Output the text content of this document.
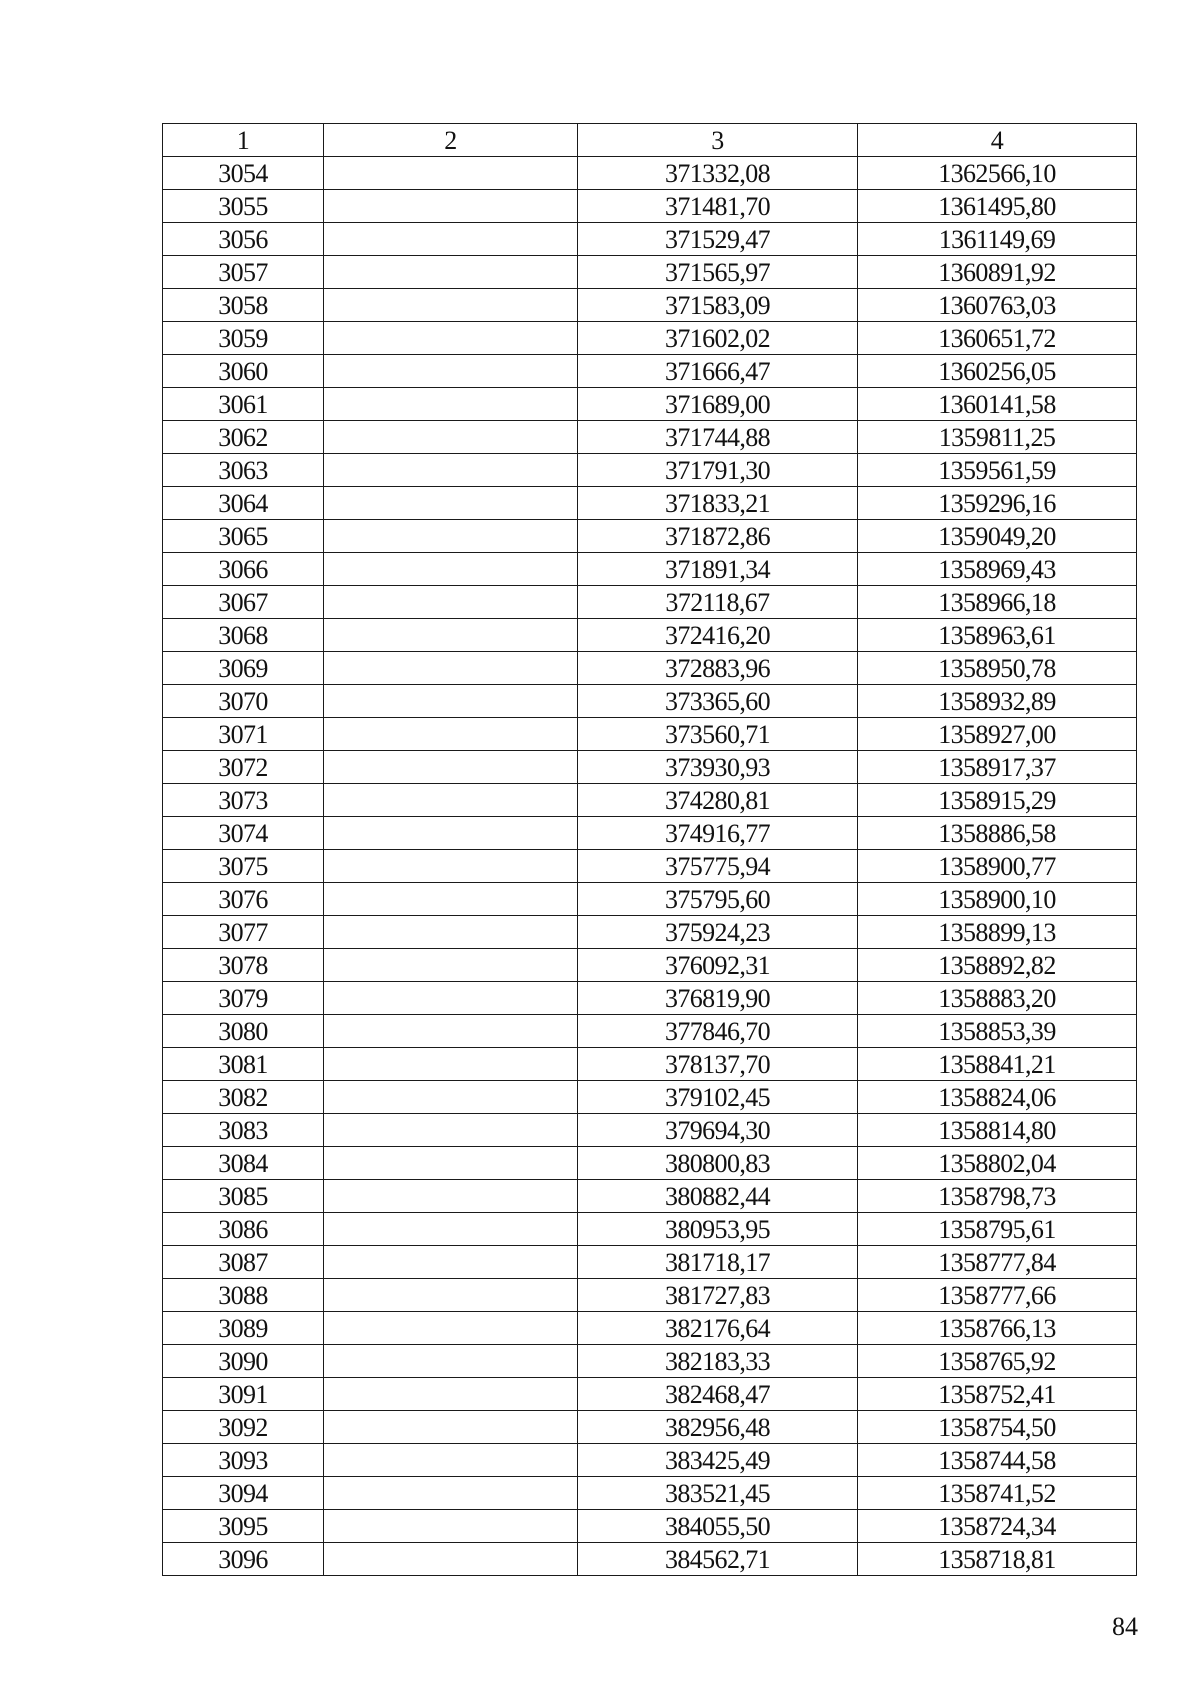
1	2	3	4
3054		371332,08	1362566,10
3055		371481,70	1361495,80
3056		371529,47	1361149,69
3057		371565,97	1360891,92
3058		371583,09	1360763,03
3059		371602,02	1360651,72
3060		371666,47	1360256,05
3061		371689,00	1360141,58
3062		371744,88	1359811,25
3063		371791,30	1359561,59
3064		371833,21	1359296,16
3065		371872,86	1359049,20
3066		371891,34	1358969,43
3067		372118,67	1358966,18
3068		372416,20	1358963,61
3069		372883,96	1358950,78
3070		373365,60	1358932,89
3071		373560,71	1358927,00
3072		373930,93	1358917,37
3073		374280,81	1358915,29
3074		374916,77	1358886,58
3075		375775,94	1358900,77
3076		375795,60	1358900,10
3077		375924,23	1358899,13
3078		376092,31	1358892,82
3079		376819,90	1358883,20
3080		377846,70	1358853,39
3081		378137,70	1358841,21
3082		379102,45	1358824,06
3083		379694,30	1358814,80
3084		380800,83	1358802,04
3085		380882,44	1358798,73
3086		380953,95	1358795,61
3087		381718,17	1358777,84
3088		381727,83	1358777,66
3089		382176,64	1358766,13
3090		382183,33	1358765,92
3091		382468,47	1358752,41
3092		382956,48	1358754,50
3093		383425,49	1358744,58
3094		383521,45	1358741,52
3095		384055,50	1358724,34
3096		384562,71	1358718,81
84
